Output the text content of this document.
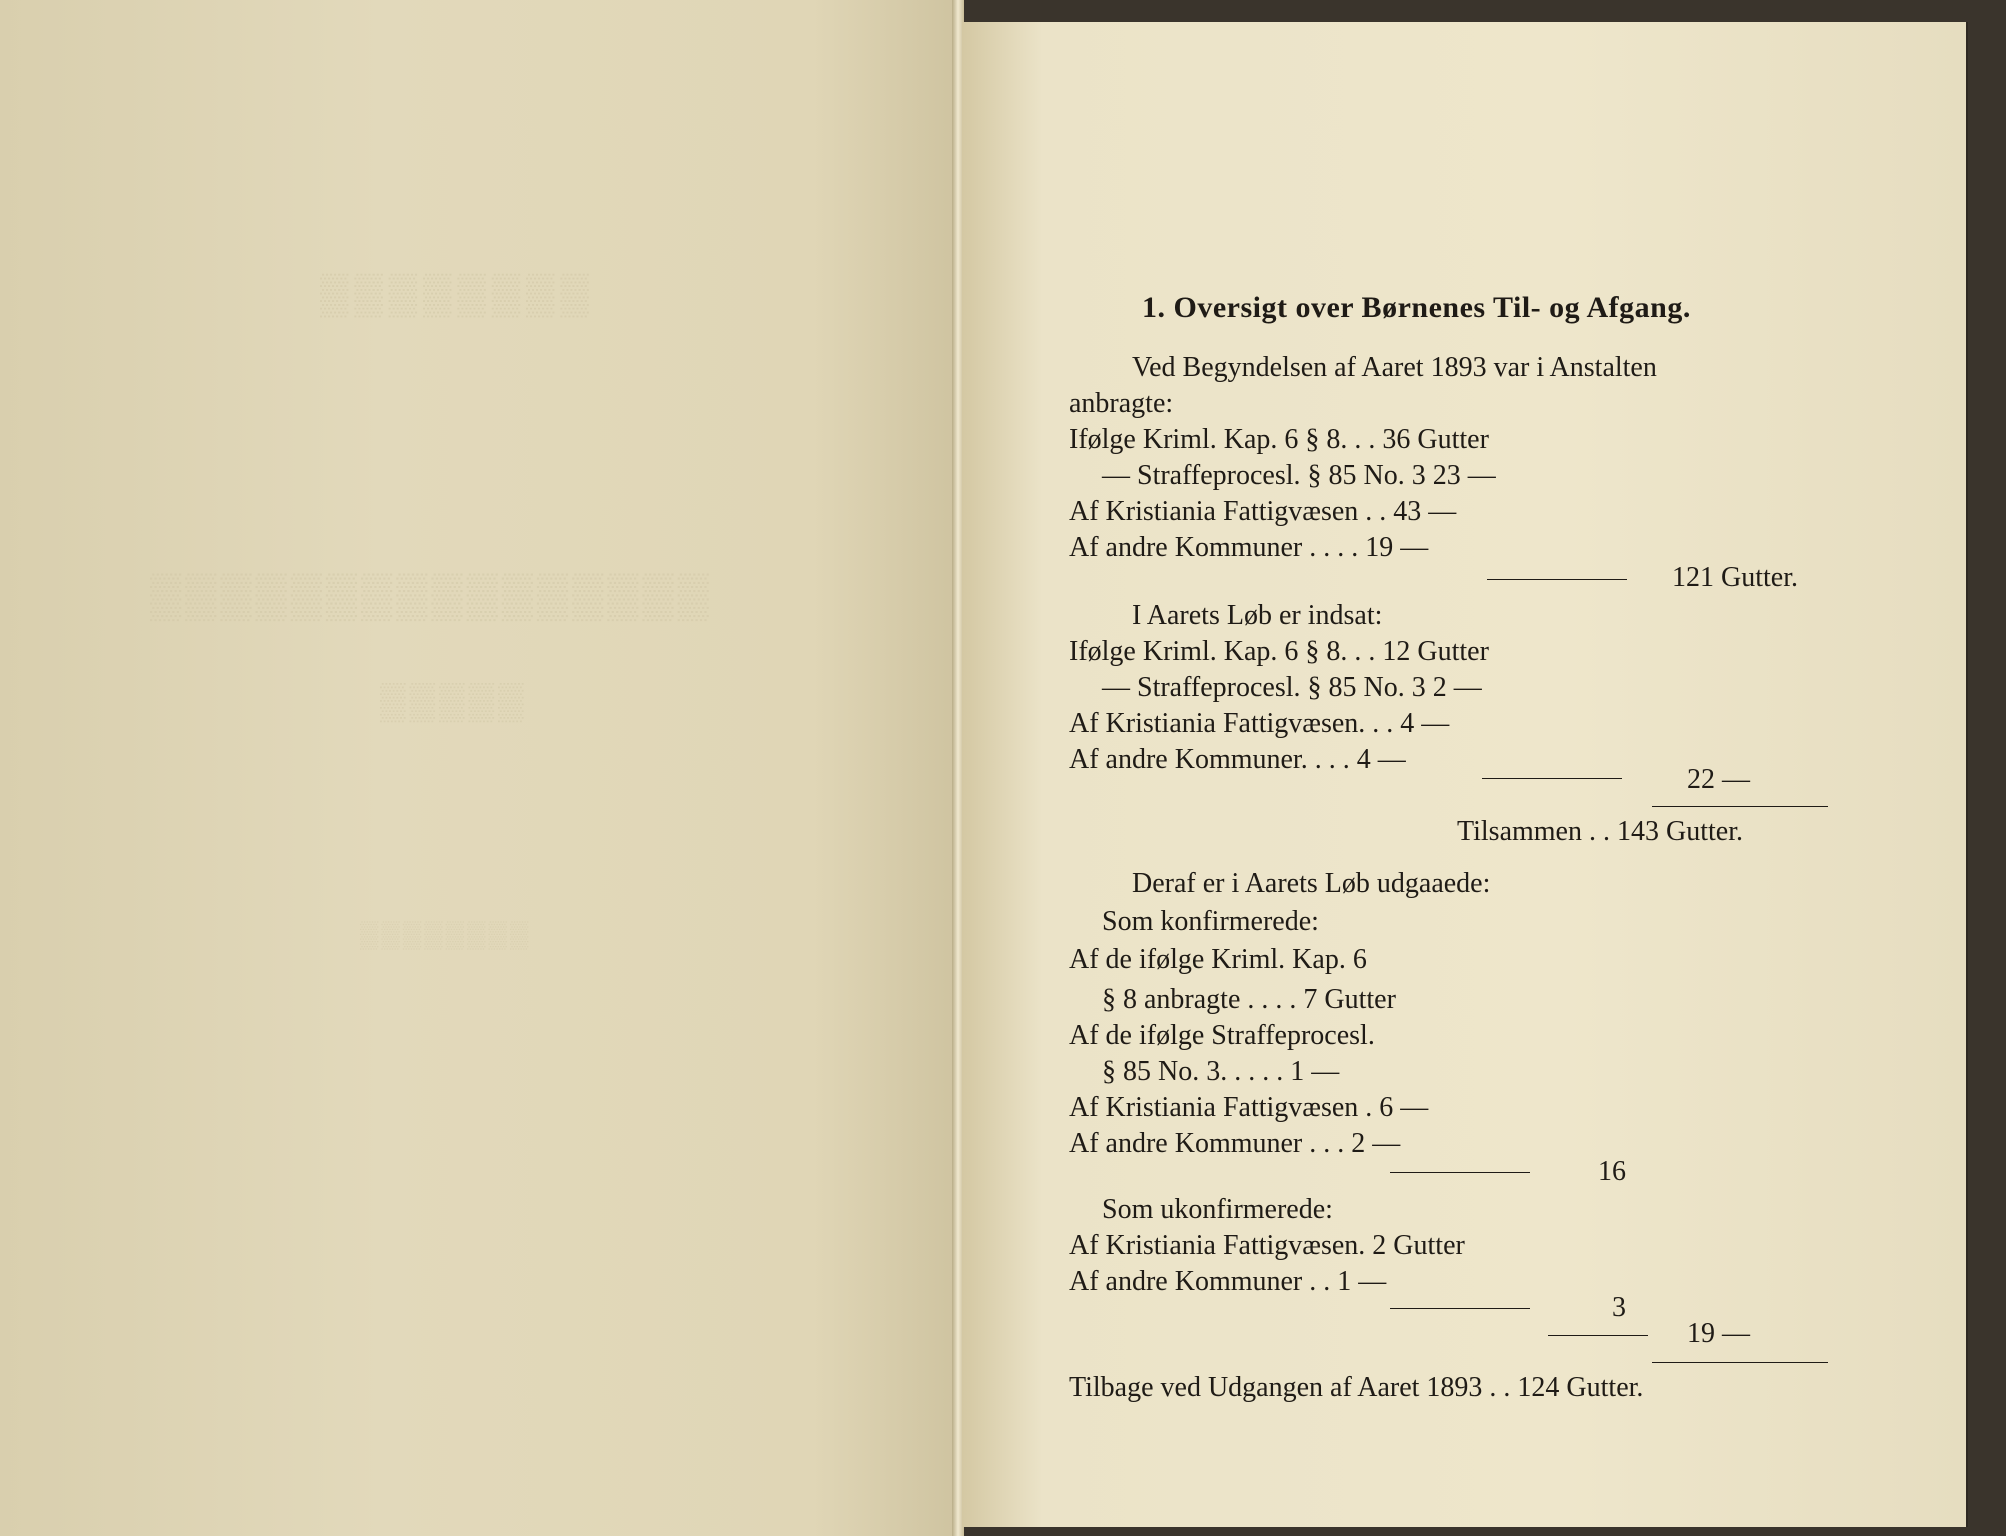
▒▒▒▒▒▒▒▒
▒▒▒▒▒▒▒▒▒▒▒▒▒▒▒▒
▒▒▒▒▒
▒▒▒▒▒▒▒▒
1. Oversigt over Børnenes Til- og Afgang.
Ved Begyndelsen af Aaret 1893 var i Anstalten
anbragte:
Ifølge Kriml. Kap. 6 § 8. . . 36 Gutter
— Straffeprocesl. § 85 No. 3 23 —
Af Kristiania Fattigvæsen . . 43 —
Af andre Kommuner . . . . 19 —
121 Gutter.
I Aarets Løb er indsat:
Ifølge Kriml. Kap. 6 § 8. . . 12 Gutter
— Straffeprocesl. § 85 No. 3 2 —
Af Kristiania Fattigvæsen. . . 4 —
Af andre Kommuner. . . . 4 —
22 —
Tilsammen . . 143 Gutter.
Deraf er i Aarets Løb udgaaede:
Som konfirmerede:
Af de ifølge Kriml. Kap. 6
§ 8 anbragte . . . . 7 Gutter
Af de ifølge Straffeprocesl.
§ 85 No. 3. . . . . 1 —
Af Kristiania Fattigvæsen . 6 —
Af andre Kommuner . . . 2 —
16
Som ukonfirmerede:
Af Kristiania Fattigvæsen. 2 Gutter
Af andre Kommuner . . 1 —
3
19 —
Tilbage ved Udgangen af Aaret 1893 . . 124 Gutter.
